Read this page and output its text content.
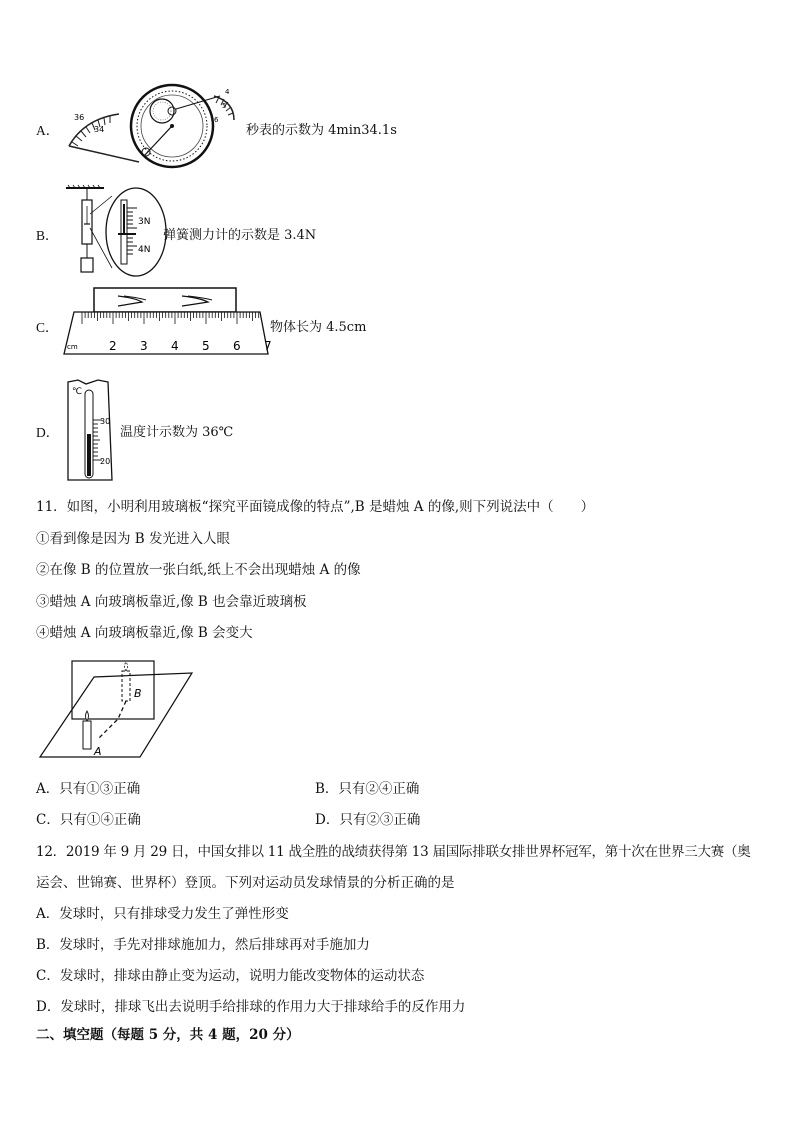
A．
36
34
4
5
6
秒表的示数为 4min34.1s
B．
3N
4N
弹簧测力计的示数是 3.4N
C．
cm	2 3 4 5 6 7
物体长为 4.5cm
D．
℃
30
20
温度计示数为 36℃
11．如图，小明利用玻璃板“探究平面镜成像的特点”,B 是蜡烛 A 的像,则下列说法中（　　）
①看到像是因为 B 发光进入人眼
②在像 B 的位置放一张白纸,纸上不会出现蜡烛 A 的像
③蜡烛 A 向玻璃板靠近,像 B 也会靠近玻璃板
④蜡烛 A 向玻璃板靠近,像 B 会变大
B
A
A．只有①③正确	B．只有②④正确
C．只有①④正确	D．只有②③正确
12．2019 年 9 月 29 日，中国女排以 11 战全胜的战绩获得第 13 届国际排联女排世界杯冠军，第十次在世界三大赛（奥
运会、世锦赛、世界杯）登顶。下列对运动员发球情景的分析正确的是
A．发球时，只有排球受力发生了弹性形变
B．发球时，手先对排球施加力，然后排球再对手施加力
C．发球时，排球由静止变为运动，说明力能改变物体的运动状态
D．发球时，排球飞出去说明手给排球的作用力大于排球给手的反作用力
二、填空题（每题 5 分，共 4 题，20 分）
